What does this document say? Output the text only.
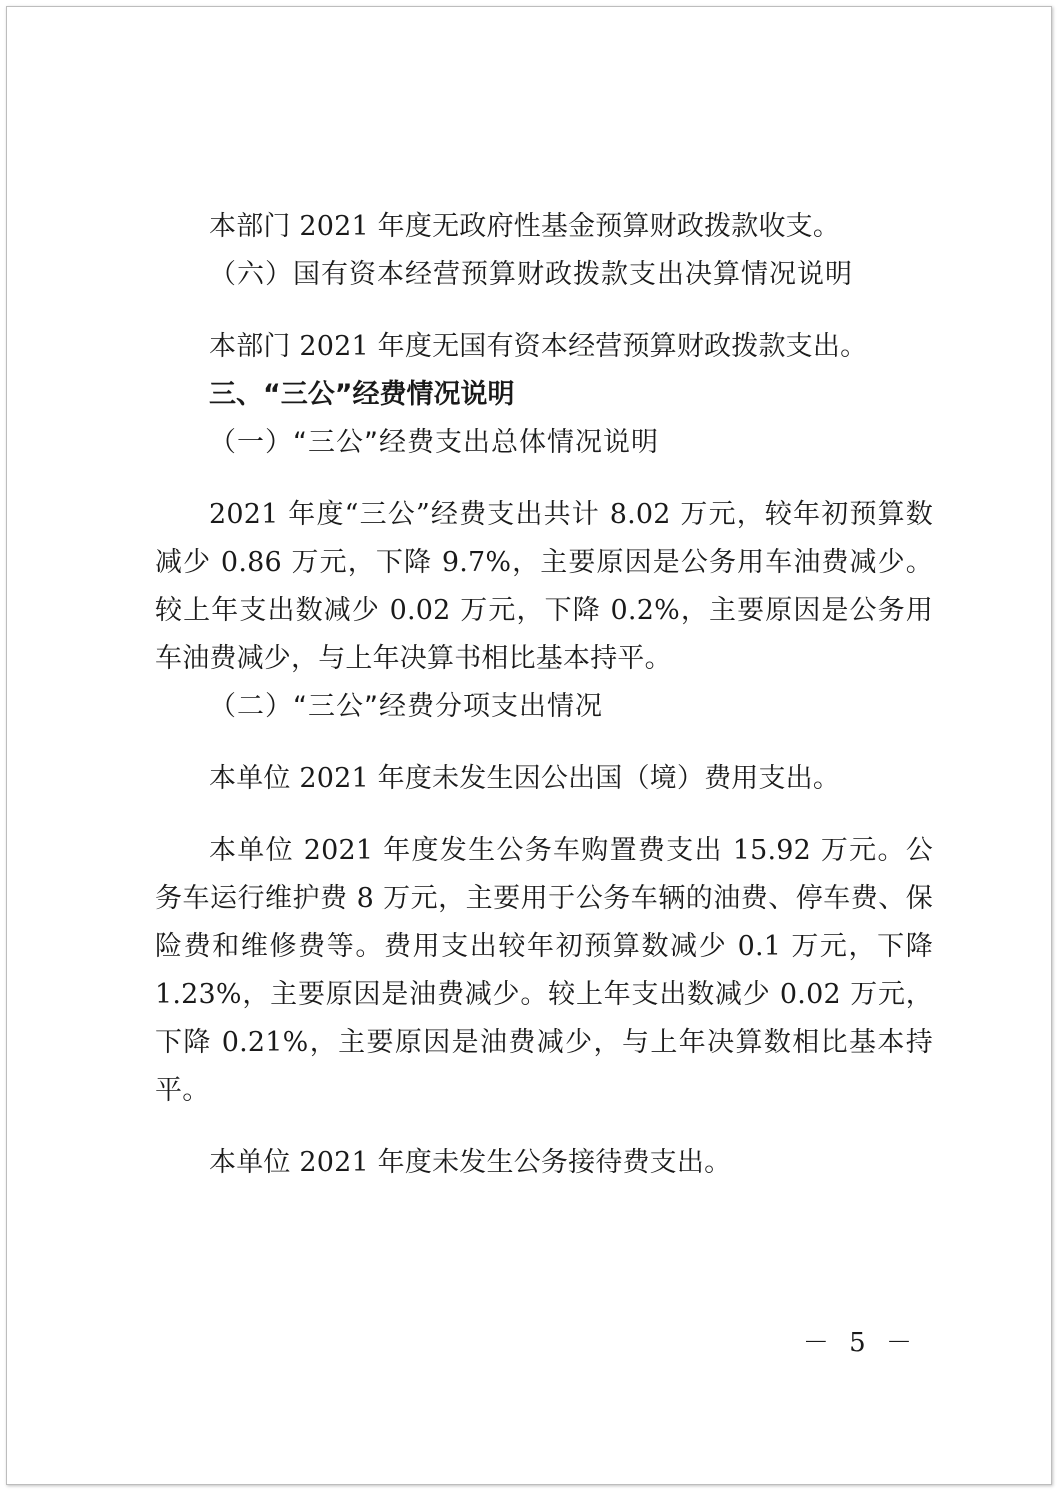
本部门 2021 年度无政府性基金预算财政拨款收支。

（六）国有资本经营预算财政拨款支出决算情况说明

本部门 2021 年度无国有资本经营预算财政拨款支出。

三、“三公”经费情况说明

（一）“三公”经费支出总体情况说明

2021 年度“三公”经费支出共计 8.02 万元，较年初预算数减少 0.86 万元，下降 9.7%，主要原因是公务用车油费减少。 较上年支出数减少 0.02 万元，下降 0.2%，主要原因是公务用车油费减少，与上年决算书相比基本持平。

（二）“三公”经费分项支出情况

本单位 2021 年度未发生因公出国（境）费用支出。

本单位 2021 年度发生公务车购置费支出 15.92 万元。公务车运行维护费 8 万元，主要用于公务车辆的油费、停车费、保险费和维修费等。费用支出较年初预算数减少 0.1 万元，下降 1.23%，主要原因是油费减少。较上年支出数减少 0.02 万元，下降 0.21%，主要原因是油费减少，与上年决算数相比基本持平。

本单位 2021 年度未发生公务接待费支出。

－ 5 －
